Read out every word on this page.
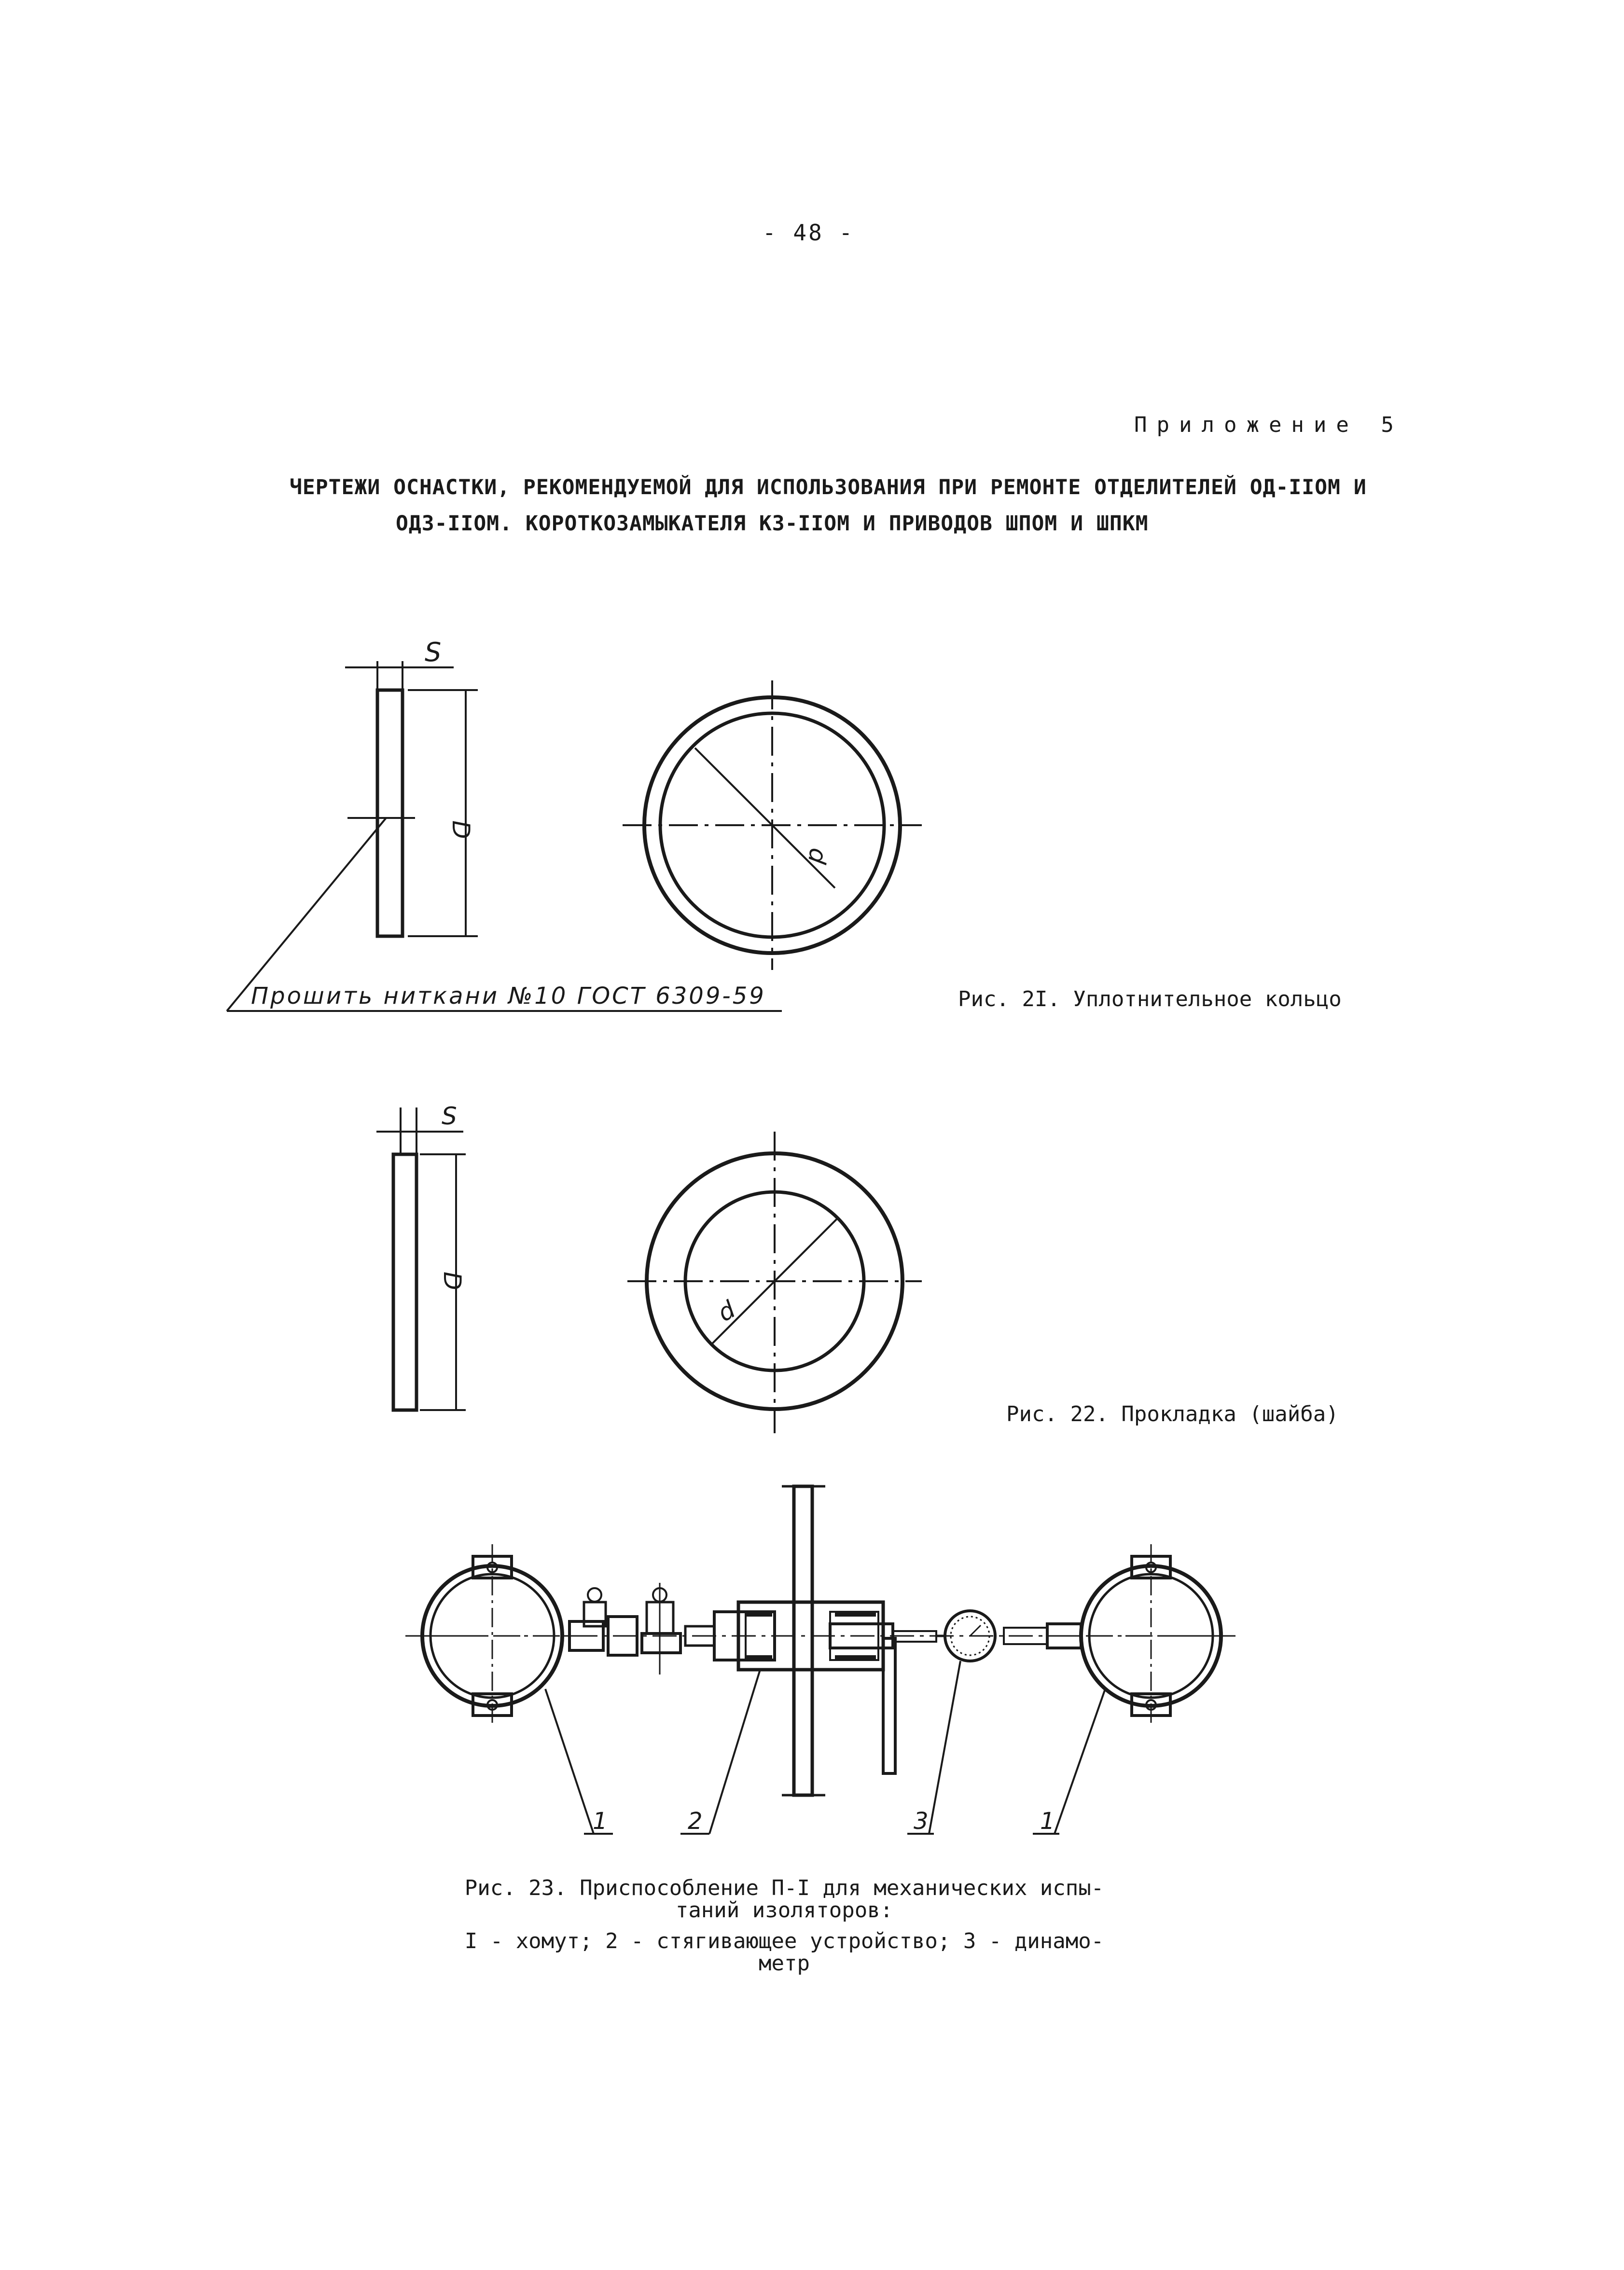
- 48 -
Приложение 5
ЧЕРТЕЖИ ОСНАСТКИ, РЕКОМЕНДУЕМОЙ ДЛЯ ИСПОЛЬЗОВАНИЯ ПРИ РЕМОНТЕ ОТДЕЛИТЕЛЕЙ ОД-IIОМ И
ОДЗ-IIОМ. КОРОТКОЗАМЫКАТЕЛЯ КЗ-IIОМ И ПРИВОДОВ ШПОМ И ШПКМ
S
D
Прошить ниткани №10 ГОСТ 6309-59
d
S
D
d
1	2	3	1
Рис. 2I. Уплотнительное кольцо
Рис. 22. Прокладка (шайба)
Рис. 23. Приспособление П-I для механических испы-
таний изоляторов:
I - хомут; 2 - стягивающее устройство; 3 - динамо-
метр
